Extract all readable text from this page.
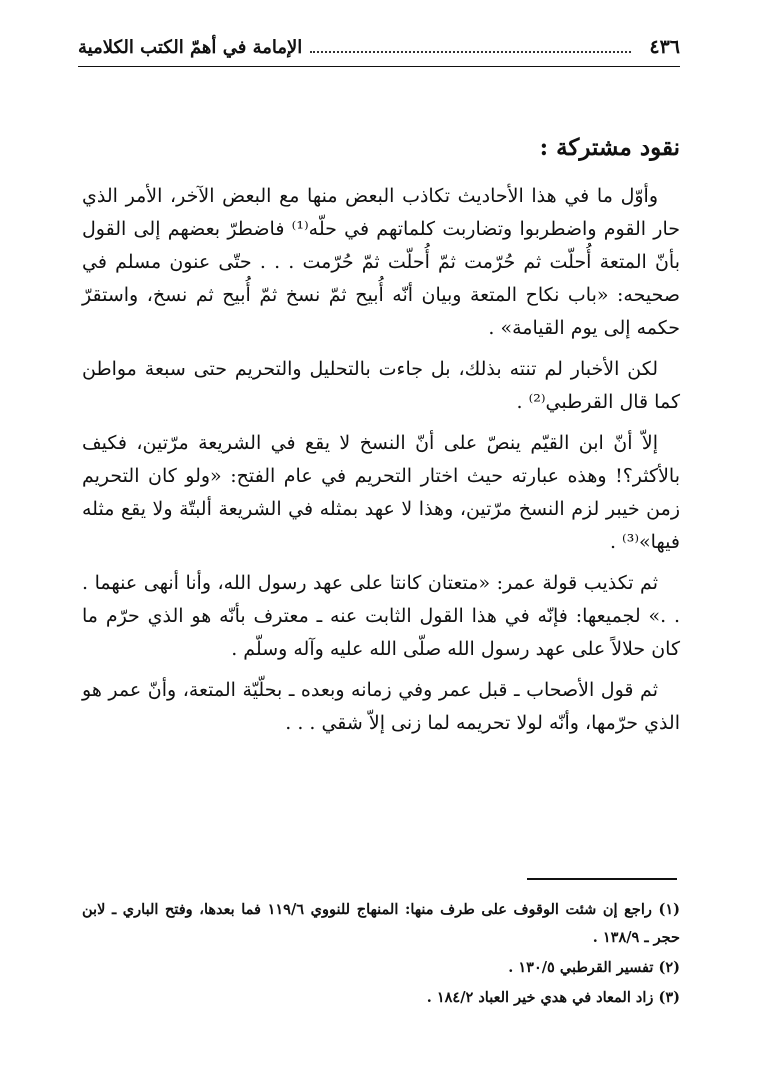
٤٣٦
الإمامة في أهمّ الكتب الكلامية
نقود مشتركة :

وأوّل ما في هذا الأحاديث تكاذب البعض منها مع البعض الآخر، الأمر الذي حار القوم واضطربوا وتضاربت كلماتهم في حلّه⁽¹⁾ فاضطرّ بعضهم إلى القول بأنّ المتعة أُحلّت ثم حُرّمت ثمّ أُحلّت ثمّ حُرّمت . . . حتّى عنون مسلم في صحيحه: «باب نكاح المتعة وبيان أنّه أُبيح ثمّ نسخ ثمّ أُبيح ثم نسخ، واستقرّ حكمه إلى يوم القيامة» .

لكن الأخبار لم تنته بذلك، بل جاءت بالتحليل والتحريم حتى سبعة مواطن كما قال القرطبي⁽²⁾ .

إلاّ أنّ ابن القيّم ينصّ على أنّ النسخ لا يقع في الشريعة مرّتين، فكيف بالأكثر؟! وهذه عبارته حيث اختار التحريم في عام الفتح: «ولو كان التحريم زمن خيبر لزم النسخ مرّتين، وهذا لا عهد بمثله في الشريعة ألبتّة ولا يقع مثله فيها»⁽³⁾ .

ثم تكذيب قولة عمر: «متعتان كانتا على عهد رسول الله، وأنا أنهى عنهما . . .» لجميعها: فإنّه في هذا القول الثابت عنه ـ معترف بأنّه هو الذي حرّم ما كان حلالاً على عهد رسول الله صلّى الله عليه وآله وسلّم .

ثم قول الأصحاب ـ قبل عمر وفي زمانه وبعده ـ بحلّيّة المتعة، وأنّ عمر هو الذي حرّمها، وأنّه لولا تحريمه لما زنى إلاّ شقي . . .

(١) راجع إن شئت الوقوف على طرف منها: المنهاج للنووي ١١٩/٦ فما بعدها، وفتح الباري ـ لابن حجر ـ ١٣٨/٩ .

(٢) تفسير القرطبي ١٣٠/٥ .

(٣) زاد المعاد في هدي خير العباد ١٨٤/٢ .
